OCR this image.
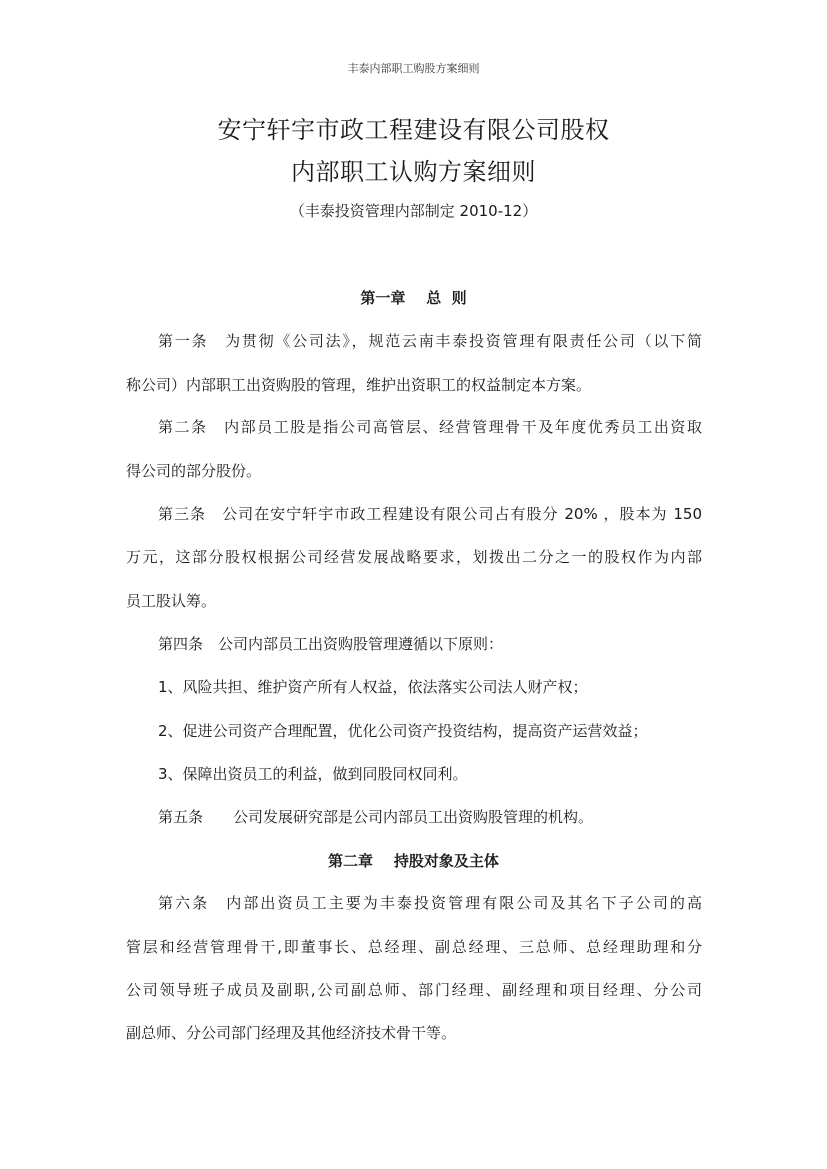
丰泰内部职工购股方案细则
安宁轩宇市政工程建设有限公司股权
内部职工认购方案细则
（丰泰投资管理内部制定 2010-12）
第一章    总  则
第一条　 为贯彻《公司法》，规范云南丰泰投资管理有限责任公司（以下简
称公司）内部职工出资购股的管理，维护出资职工的权益制定本方案。
第二条　 内部员工股是指公司高管层、经营管理骨干及年度优秀员工出资取
得公司的部分股份。
第三条　 公司在安宁轩宇市政工程建设有限公司占有股分 20% ，股本为 150
万元，这部分股权根据公司经营发展战略要求，划拨出二分之一的股权作为内部
员工股认筹。
第四条　 公司内部员工出资购股管理遵循以下原则：
1、风险共担、维护资产所有人权益，依法落实公司法人财产权；
2、促进公司资产合理配置，优化公司资产投资结构，提高资产运营效益；
3、保障出资员工的利益，做到同股同权同利。
第五条　　 公司发展研究部是公司内部员工出资购股管理的机构。
第二章    持股对象及主体
第六条　 内部出资员工主要为丰泰投资管理有限公司及其名下子公司的高
管层和经营管理骨干,即董事长、总经理、副总经理、三总师、总经理助理和分
公司领导班子成员及副职,公司副总师、部门经理、副经理和项目经理、分公司
副总师、分公司部门经理及其他经济技术骨干等。
